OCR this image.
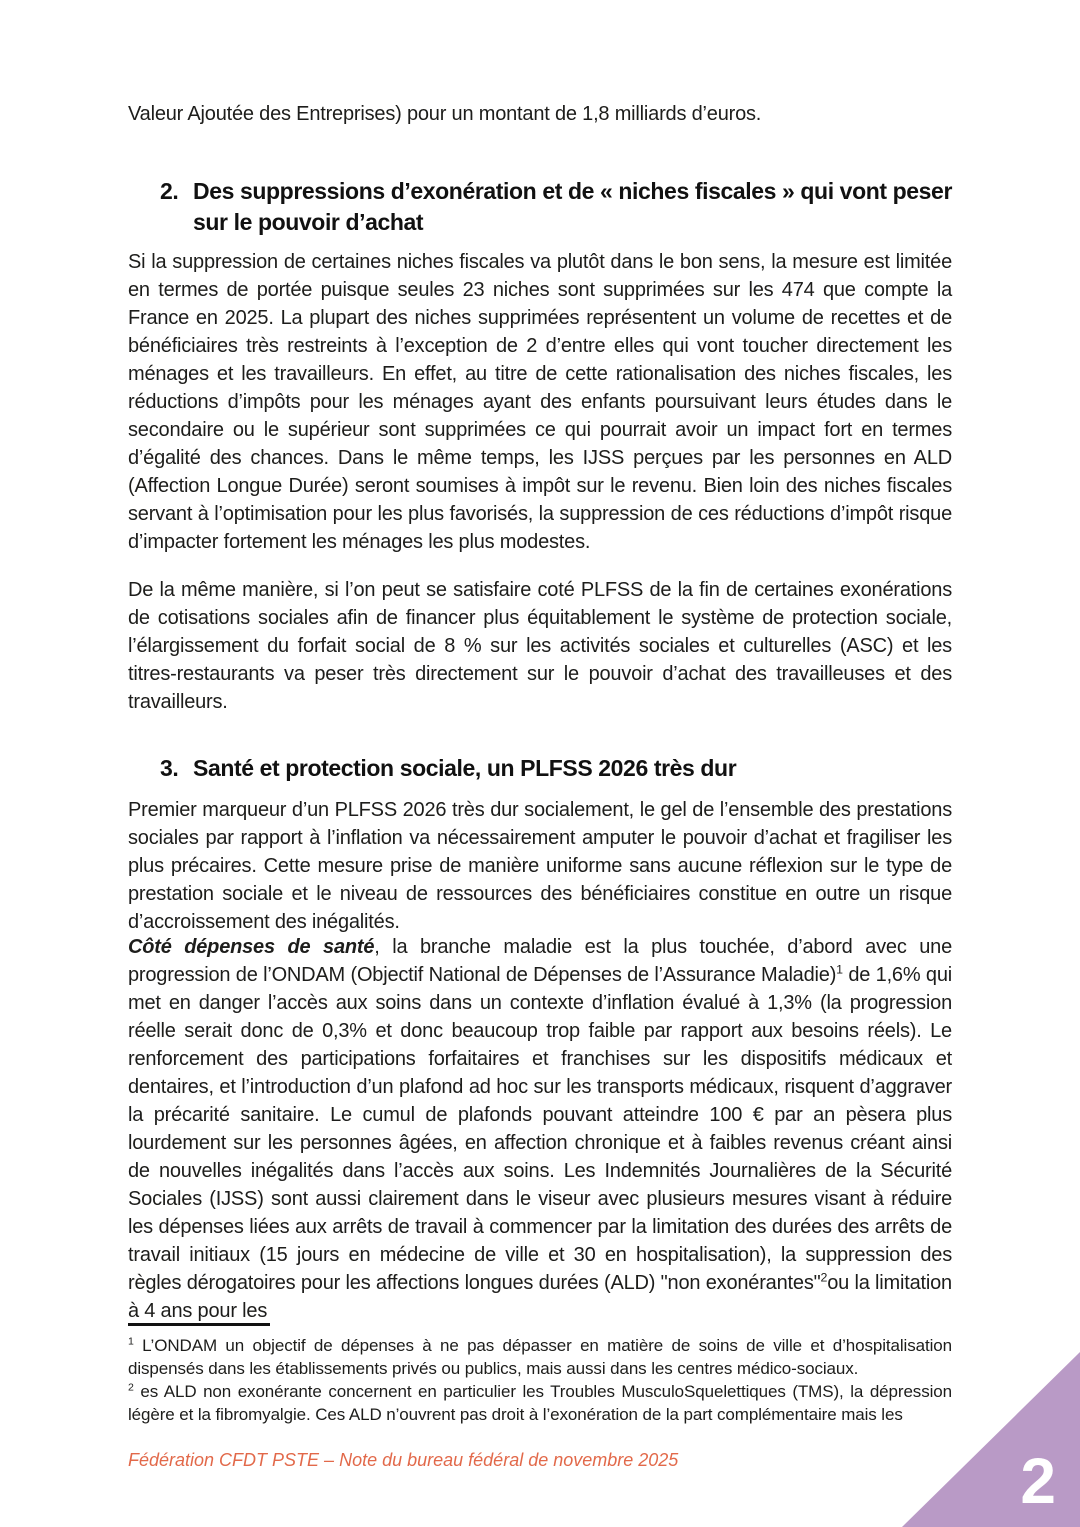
Valeur Ajoutée des Entreprises) pour un montant de 1,8 milliards d’euros.

2. Des suppressions d’exonération et de « niches fiscales » qui vont peser sur le pouvoir d’achat

Si la suppression de certaines niches fiscales va plutôt dans le bon sens, la mesure est limitée en termes de portée puisque seules 23 niches sont supprimées sur les 474 que compte la France en 2025. La plupart des niches supprimées représentent un volume de recettes et de bénéficiaires très restreints à l’exception de 2 d’entre elles qui vont toucher directement les ménages et les travailleurs. En effet, au titre de cette rationalisation des niches fiscales, les réductions d’impôts pour les ménages ayant des enfants poursuivant leurs études dans le secondaire ou le supérieur sont supprimées ce qui pourrait avoir un impact fort en termes d’égalité des chances. Dans le même temps, les IJSS perçues par les personnes en ALD (Affection Longue Durée) seront soumises à impôt sur le revenu. Bien loin des niches fiscales servant à l’optimisation pour les plus favorisés, la suppression de ces réductions d’impôt risque d’impacter fortement les ménages les plus modestes.

De la même manière, si l’on peut se satisfaire coté PLFSS de la fin de certaines exonérations de cotisations sociales afin de financer plus équitablement le système de protection sociale, l’élargissement du forfait social de 8 % sur les activités sociales et culturelles (ASC) et les titres-restaurants va peser très directement sur le pouvoir d’achat des travailleuses et des travailleurs.

3. Santé et protection sociale, un PLFSS 2026 très dur

Premier marqueur d’un PLFSS 2026 très dur socialement, le gel de l’ensemble des prestations sociales par rapport à l’inflation va nécessairement amputer le pouvoir d’achat et fragiliser les plus précaires. Cette mesure prise de manière uniforme sans aucune réflexion sur le type de prestation sociale et le niveau de ressources des bénéficiaires constitue en outre un risque d’accroissement des inégalités.

Côté dépenses de santé, la branche maladie est la plus touchée, d’abord avec une progression de l’ONDAM (Objectif National de Dépenses de l’Assurance Maladie)$^1$ de 1,6% qui met en danger l’accès aux soins dans un contexte d’inflation évalué à 1,3% (la progression réelle serait donc de 0,3% et donc beaucoup trop faible par rapport aux besoins réels). Le renforcement des participations forfaitaires et franchises sur les dispositifs médicaux et dentaires, et l’introduction d’un plafond ad hoc sur les transports médicaux, risquent d’aggraver la précarité sanitaire. Le cumul de plafonds pouvant atteindre 100 € par an pèsera plus lourdement sur les personnes âgées, en affection chronique et à faibles revenus créant ainsi de nouvelles inégalités dans l’accès aux soins. Les Indemnités Journalières de la Sécurité Sociales (IJSS) sont aussi clairement dans le viseur avec plusieurs mesures visant à réduire les dépenses liées aux arrêts de travail à commencer par la limitation des durées des arrêts de travail initiaux (15 jours en médecine de ville et 30 en hospitalisation), la suppression des règles dérogatoires pour les affections longues durées (ALD) "non exonérantes"$^2$ou la limitation à 4 ans pour les

$^1$ L’ONDAM un objectif de dépenses à ne pas dépasser en matière de soins de ville et d’hospitalisation dispensés dans les établissements privés ou publics, mais aussi dans les centres médico-sociaux.

$^2$ es ALD non exonérante concernent en particulier les Troubles MusculoSquelettiques (TMS), la dépression légère et la fibromyalgie. Ces ALD n’ouvrent pas droit à l’exonération de la part complémentaire mais les

Fédération CFDT PSTE – Note du bureau fédéral de novembre 2025	2
